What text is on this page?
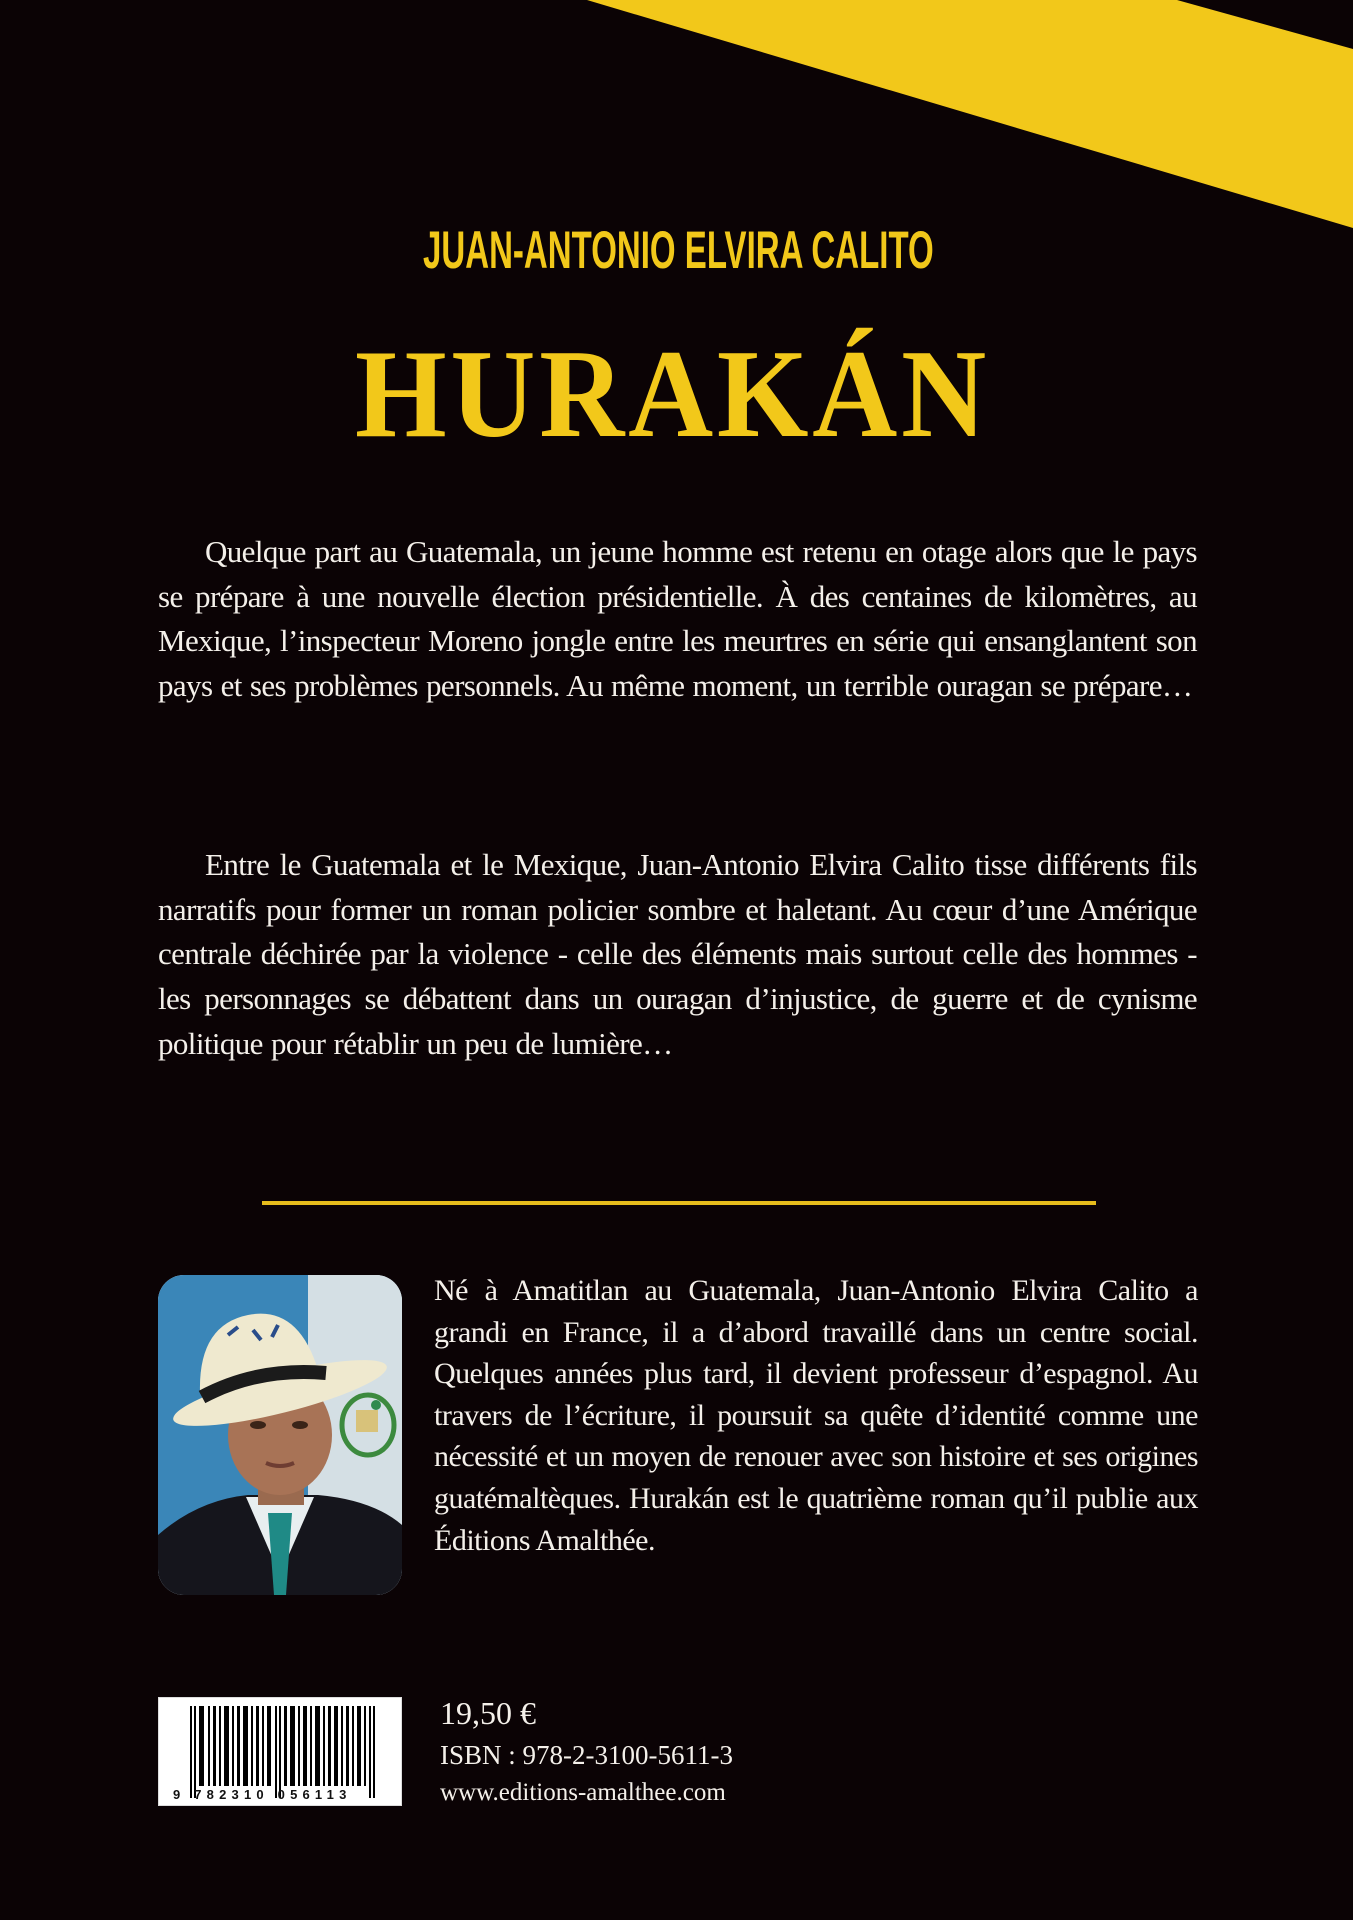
JUAN-ANTONIO ELVIRA CALITO
HURAKÁN

Quelque part au Guatemala, un jeune homme est retenu en otage alors que le pays se prépare à une nouvelle élection présidentielle. À des centaines de kilomètres, au Mexique, l’inspecteur Moreno jongle entre les meurtres en série qui ensanglantent son pays et ses problèmes personnels. Au même moment, un terrible ouragan se prépare…

Entre le Guatemala et le Mexique, Juan-Antonio Elvira Calito tisse différents fils narratifs pour former un roman policier sombre et haletant. Au cœur d’une Amérique centrale déchirée par la violence - celle des éléments mais surtout celle des hommes - les personnages se débattent dans un ouragan d’injustice, de guerre et de cynisme politique pour rétablir un peu de lumière…

Né à Amatitlan au Guatemala, Juan-Antonio Elvira Calito a grandi en France, il a d’abord travaillé dans un centre social. Quelques années plus tard, il devient professeur d’espagnol. Au travers de l’écriture, il poursuit sa quête d’identité comme une nécessité et un moyen de renouer avec son histoire et ses origines guatémaltèques. Hurakán est le quatrième roman qu’il publie aux Éditions Amalthée.

9 782310 056113
19,50 €
ISBN : 978-2-3100-5611-3
www.editions-amalthee.com
